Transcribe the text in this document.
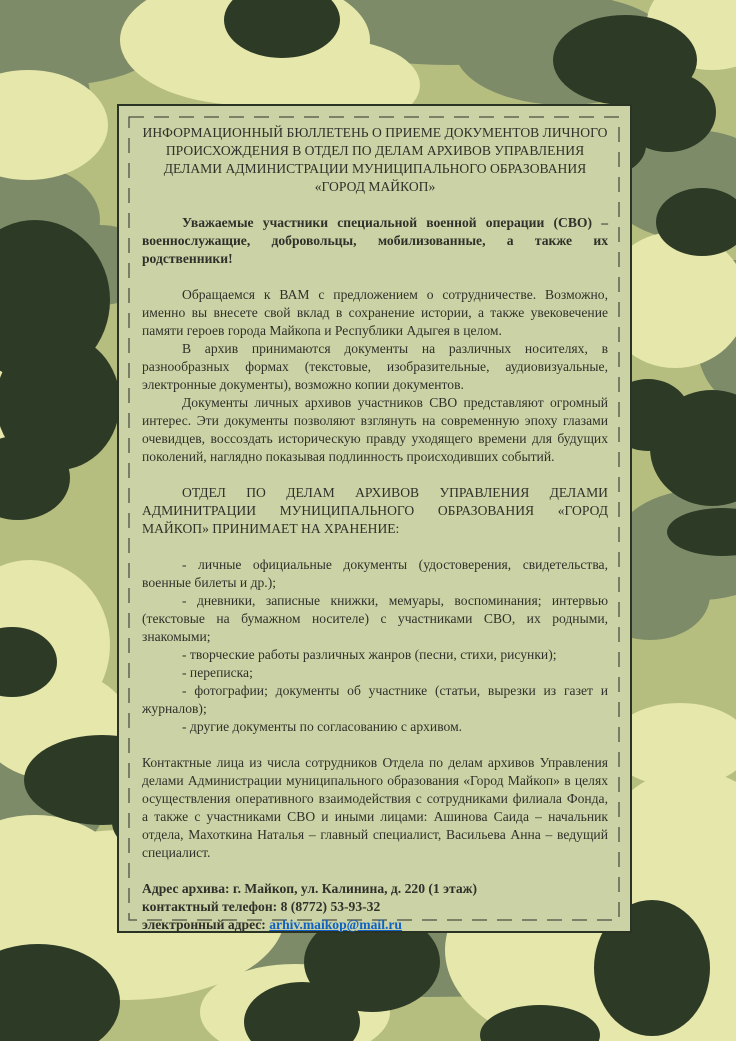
ИНФОРМАЦИОННЫЙ БЮЛЛЕТЕНЬ О ПРИЕМЕ ДОКУМЕНТОВ ЛИЧНОГО ПРОИСХОЖДЕНИЯ В ОТДЕЛ ПО ДЕЛАМ АРХИВОВ УПРАВЛЕНИЯ ДЕЛАМИ АДМИНИСТРАЦИИ МУНИЦИПАЛЬНОГО ОБРАЗОВАНИЯ «ГОРОД МАЙКОП»

Уважаемые участники специальной военной операции (СВО) – военнослужащие, добровольцы, мобилизованные, а также их родственники!

Обращаемся к ВАМ с предложением о сотрудничестве. Возможно, именно вы внесете свой вклад в сохранение истории, а также увековечение памяти героев города Майкопа и Республики Адыгея в целом.

В архив принимаются документы на различных носителях, в разнообразных формах (текстовые, изобразительные, аудиовизуальные, электронные документы), возможно копии документов.

Документы личных архивов участников СВО представляют огромный интерес. Эти документы позволяют взглянуть на современную эпоху глазами очевидцев, воссоздать историческую правду уходящего времени для будущих поколений, наглядно показывая подлинность происходивших событий.

ОТДЕЛ ПО ДЕЛАМ АРХИВОВ УПРАВЛЕНИЯ ДЕЛАМИ АДМИНИТРАЦИИ МУНИЦИПАЛЬНОГО ОБРАЗОВАНИЯ «ГОРОД МАЙКОП» ПРИНИМАЕТ НА ХРАНЕНИЕ:

- личные официальные документы (удостоверения, свидетельства, военные билеты и др.);

- дневники, записные книжки, мемуары, воспоминания; интервью (текстовые на бумажном носителе) с участниками СВО, их родными, знакомыми;

- творческие работы различных жанров (песни, стихи, рисунки);

- переписка;

- фотографии; документы об участнике (статьи, вырезки из газет и журналов);

- другие документы по согласованию с архивом.

Контактные лица из числа сотрудников Отдела по делам архивов Управления делами Администрации муниципального образования «Город Майкоп» в целях осуществления оперативного взаимодействия с сотрудниками филиала Фонда, а также с участниками СВО и иными лицами: Ашинова Саида – начальник отдела, Махоткина Наталья – главный специалист, Васильева Анна – ведущий специалист.

Адрес архива: г. Майкоп, ул. Калинина, д. 220 (1 этаж)

контактный телефон: 8 (8772) 53-93-32

электронный адрес: arhiv.maikop@mail.ru
